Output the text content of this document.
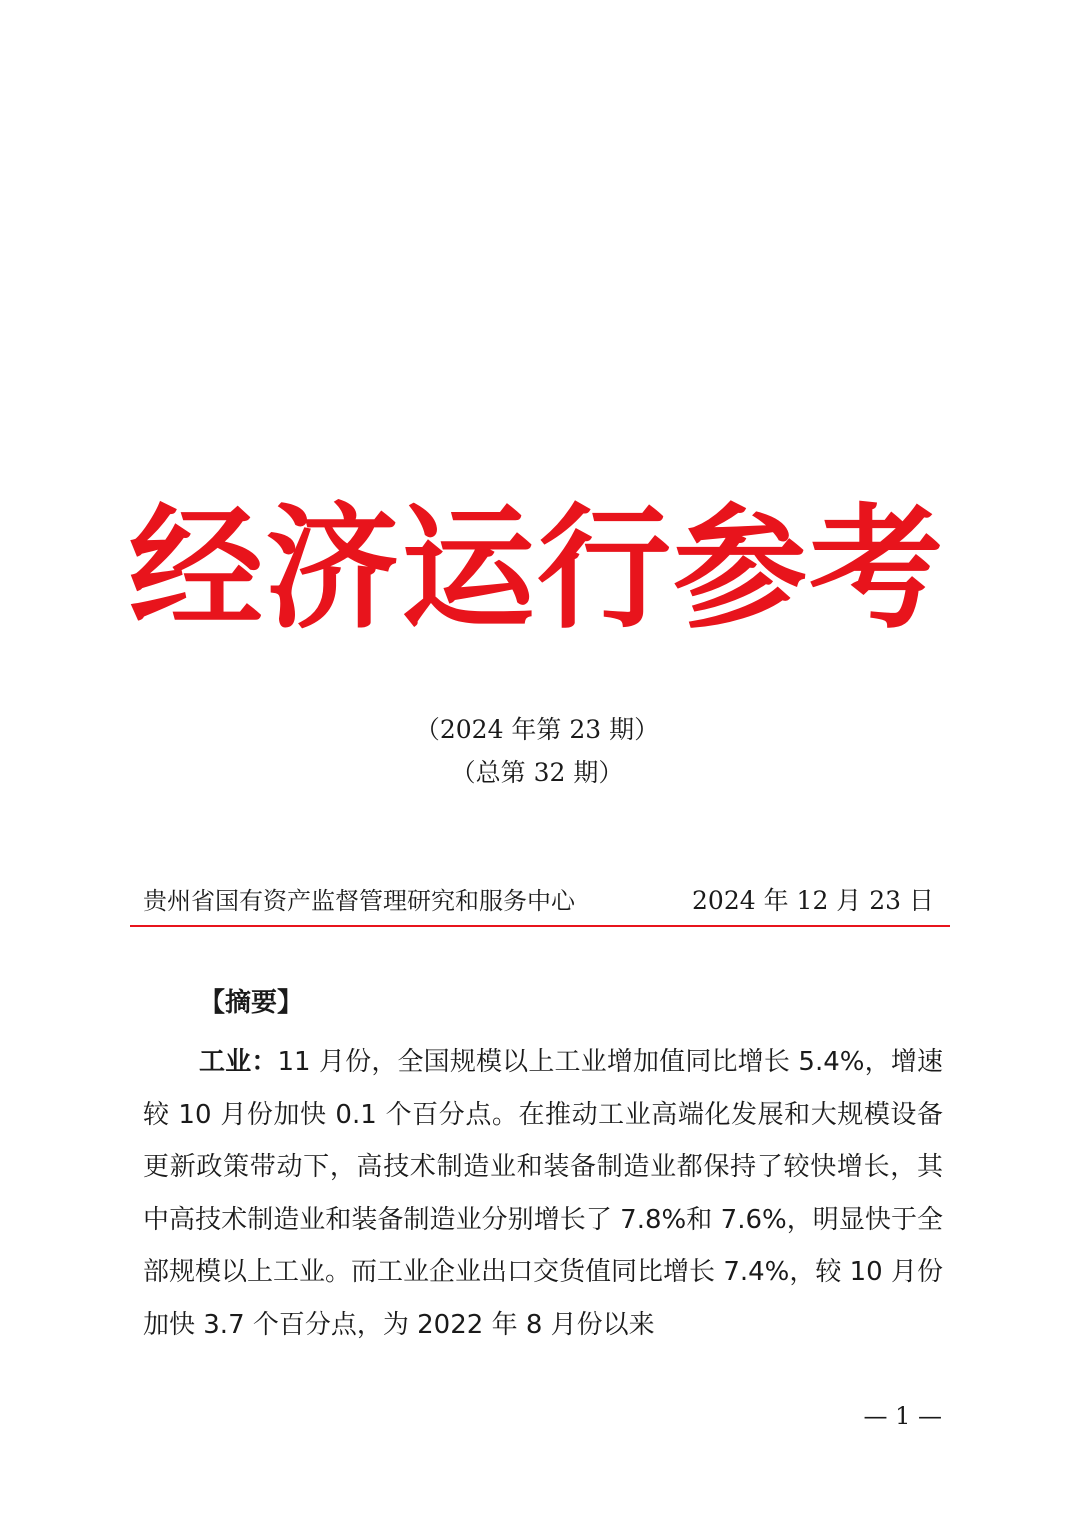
经济运行参考
（2024 年第 23 期）
（总第 32 期）
贵州省国有资产监督管理研究和服务中心	2024 年 12 月 23 日
【摘要】
工业：11 月份，全国规模以上工业增加值同比增长 5.4%，增速较 10 月份加快 0.1 个百分点。在推动工业高端化发展和大规模设备更新政策带动下，高技术制造业和装备制造业都保持了较快增长，其中高技术制造业和装备制造业分别增长了 7.8%和 7.6%，明显快于全部规模以上工业。而工业企业出口交货值同比增长 7.4%，较 10 月份加快 3.7 个百分点，为 2022 年 8 月份以来
— 1 —
